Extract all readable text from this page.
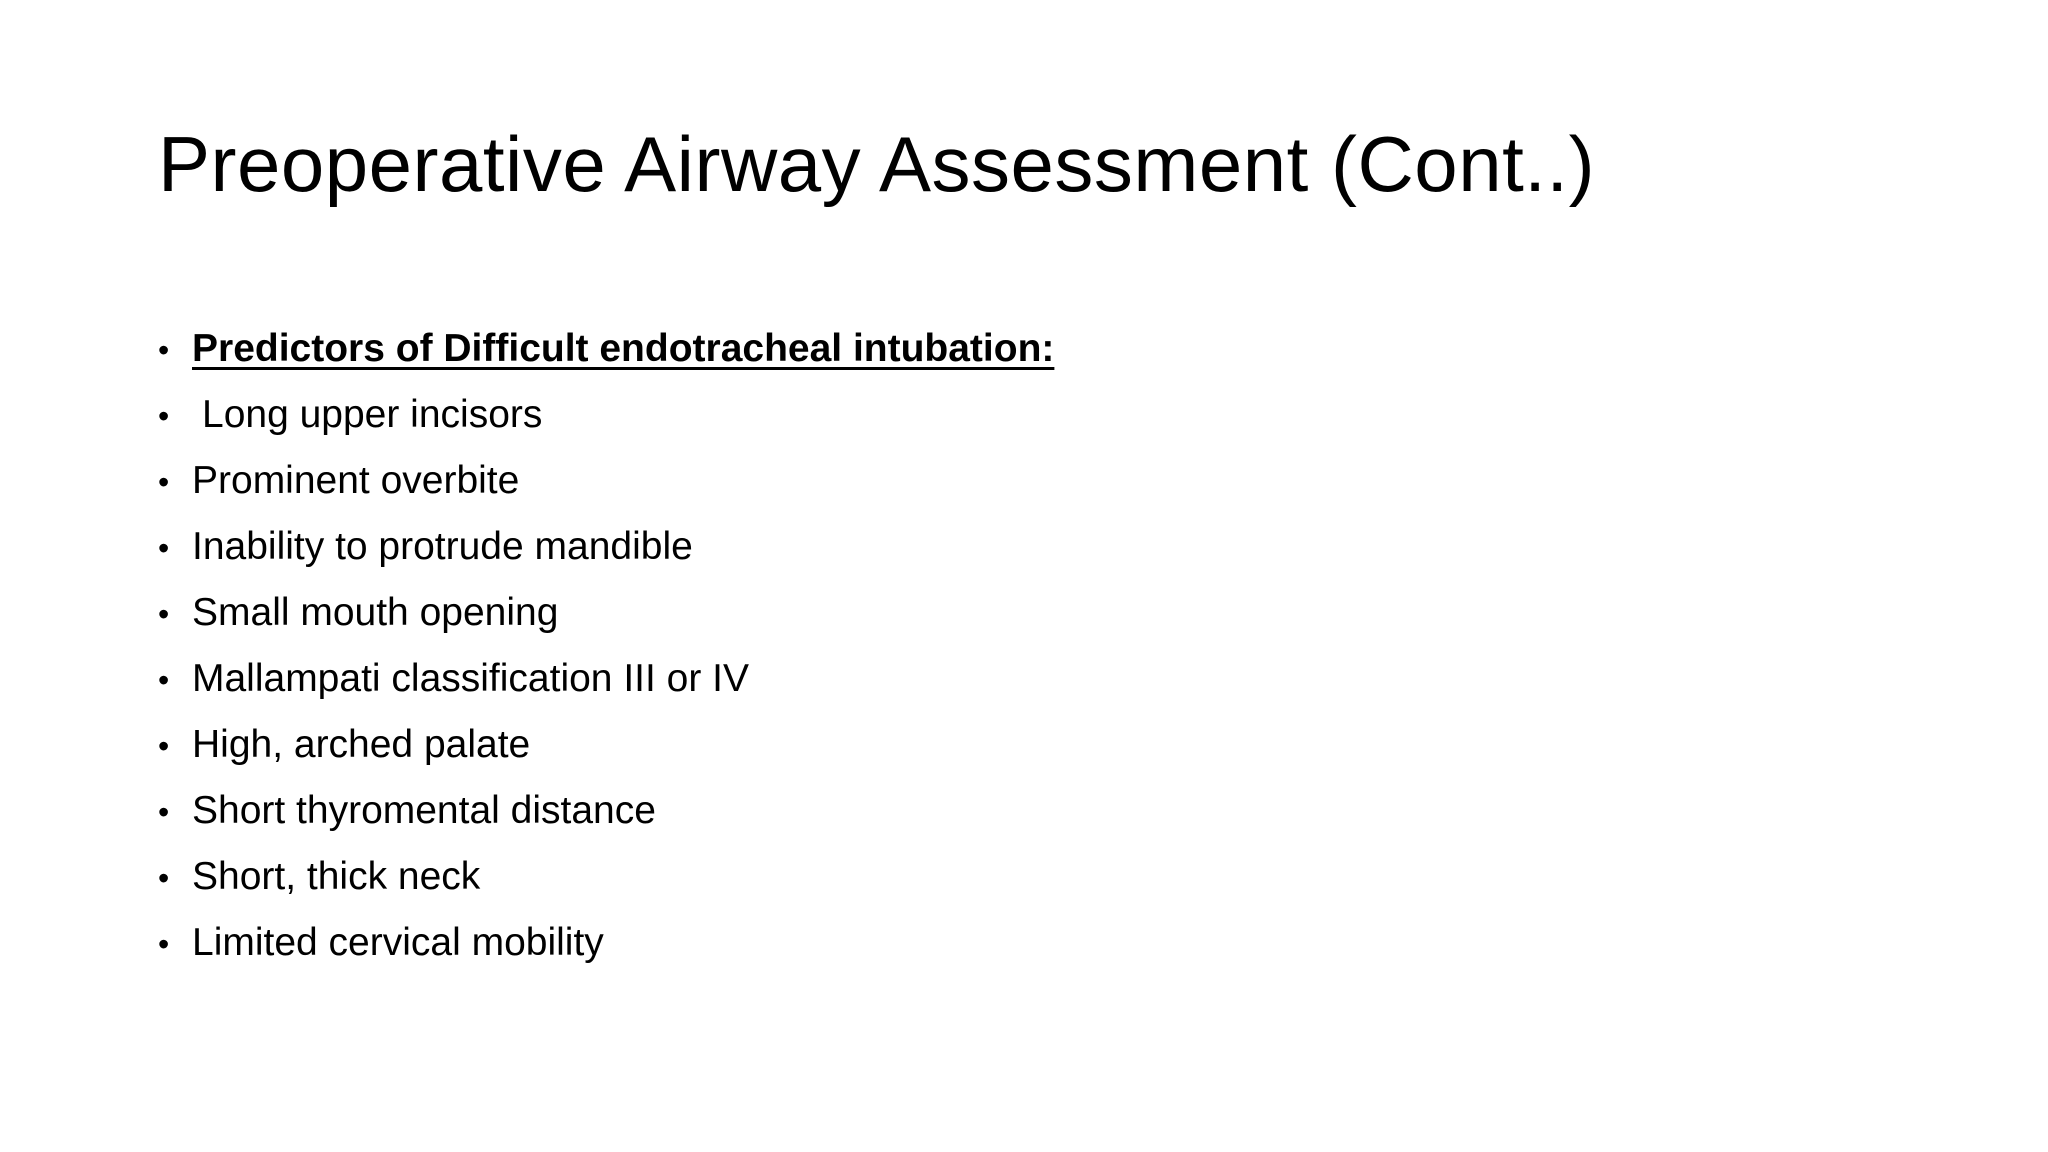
Preoperative Airway Assessment (Cont..)
• Predictors of Difficult endotracheal intubation:
• Long upper incisors
• Prominent overbite
• Inability to protrude mandible
• Small mouth opening
• Mallampati classification III or IV
• High, arched palate
• Short thyromental distance
• Short, thick neck
• Limited cervical mobility
